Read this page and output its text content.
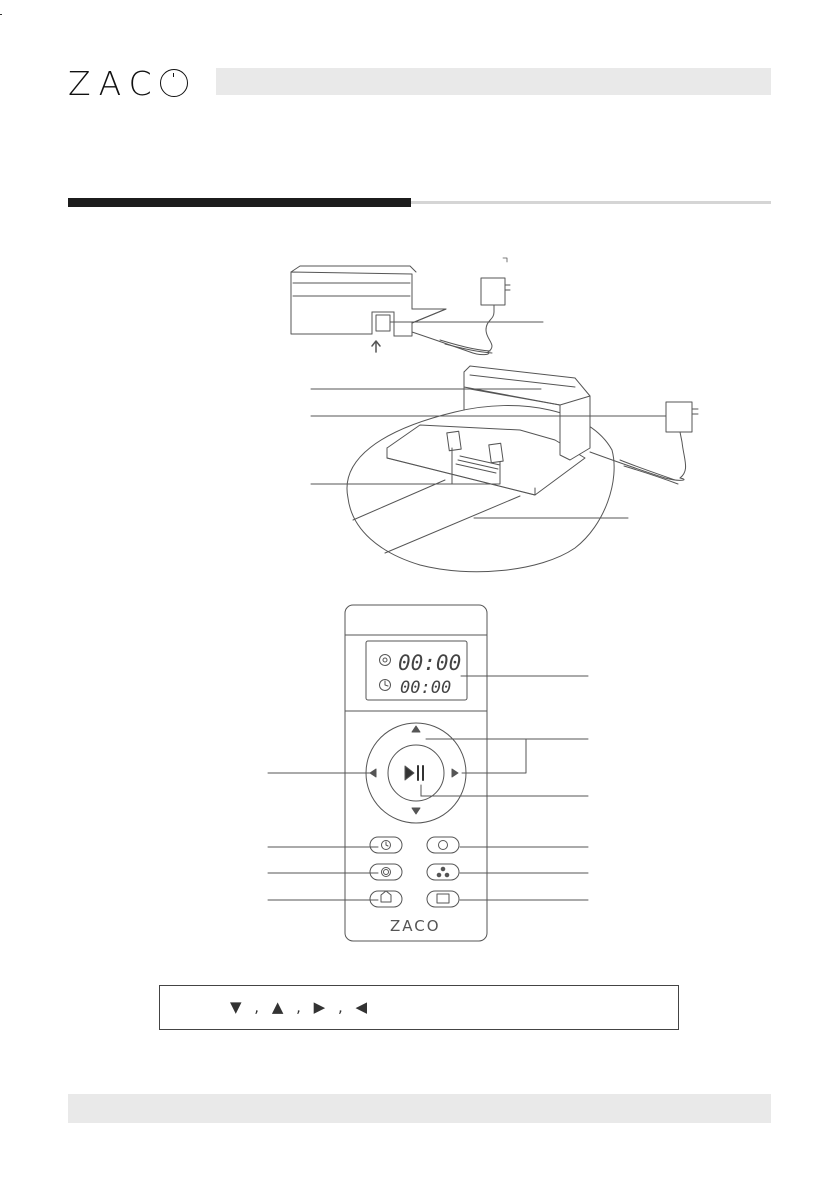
ZAC
00:00
00:00
ZACO
▼ , ▲ , ▶ , ◀
